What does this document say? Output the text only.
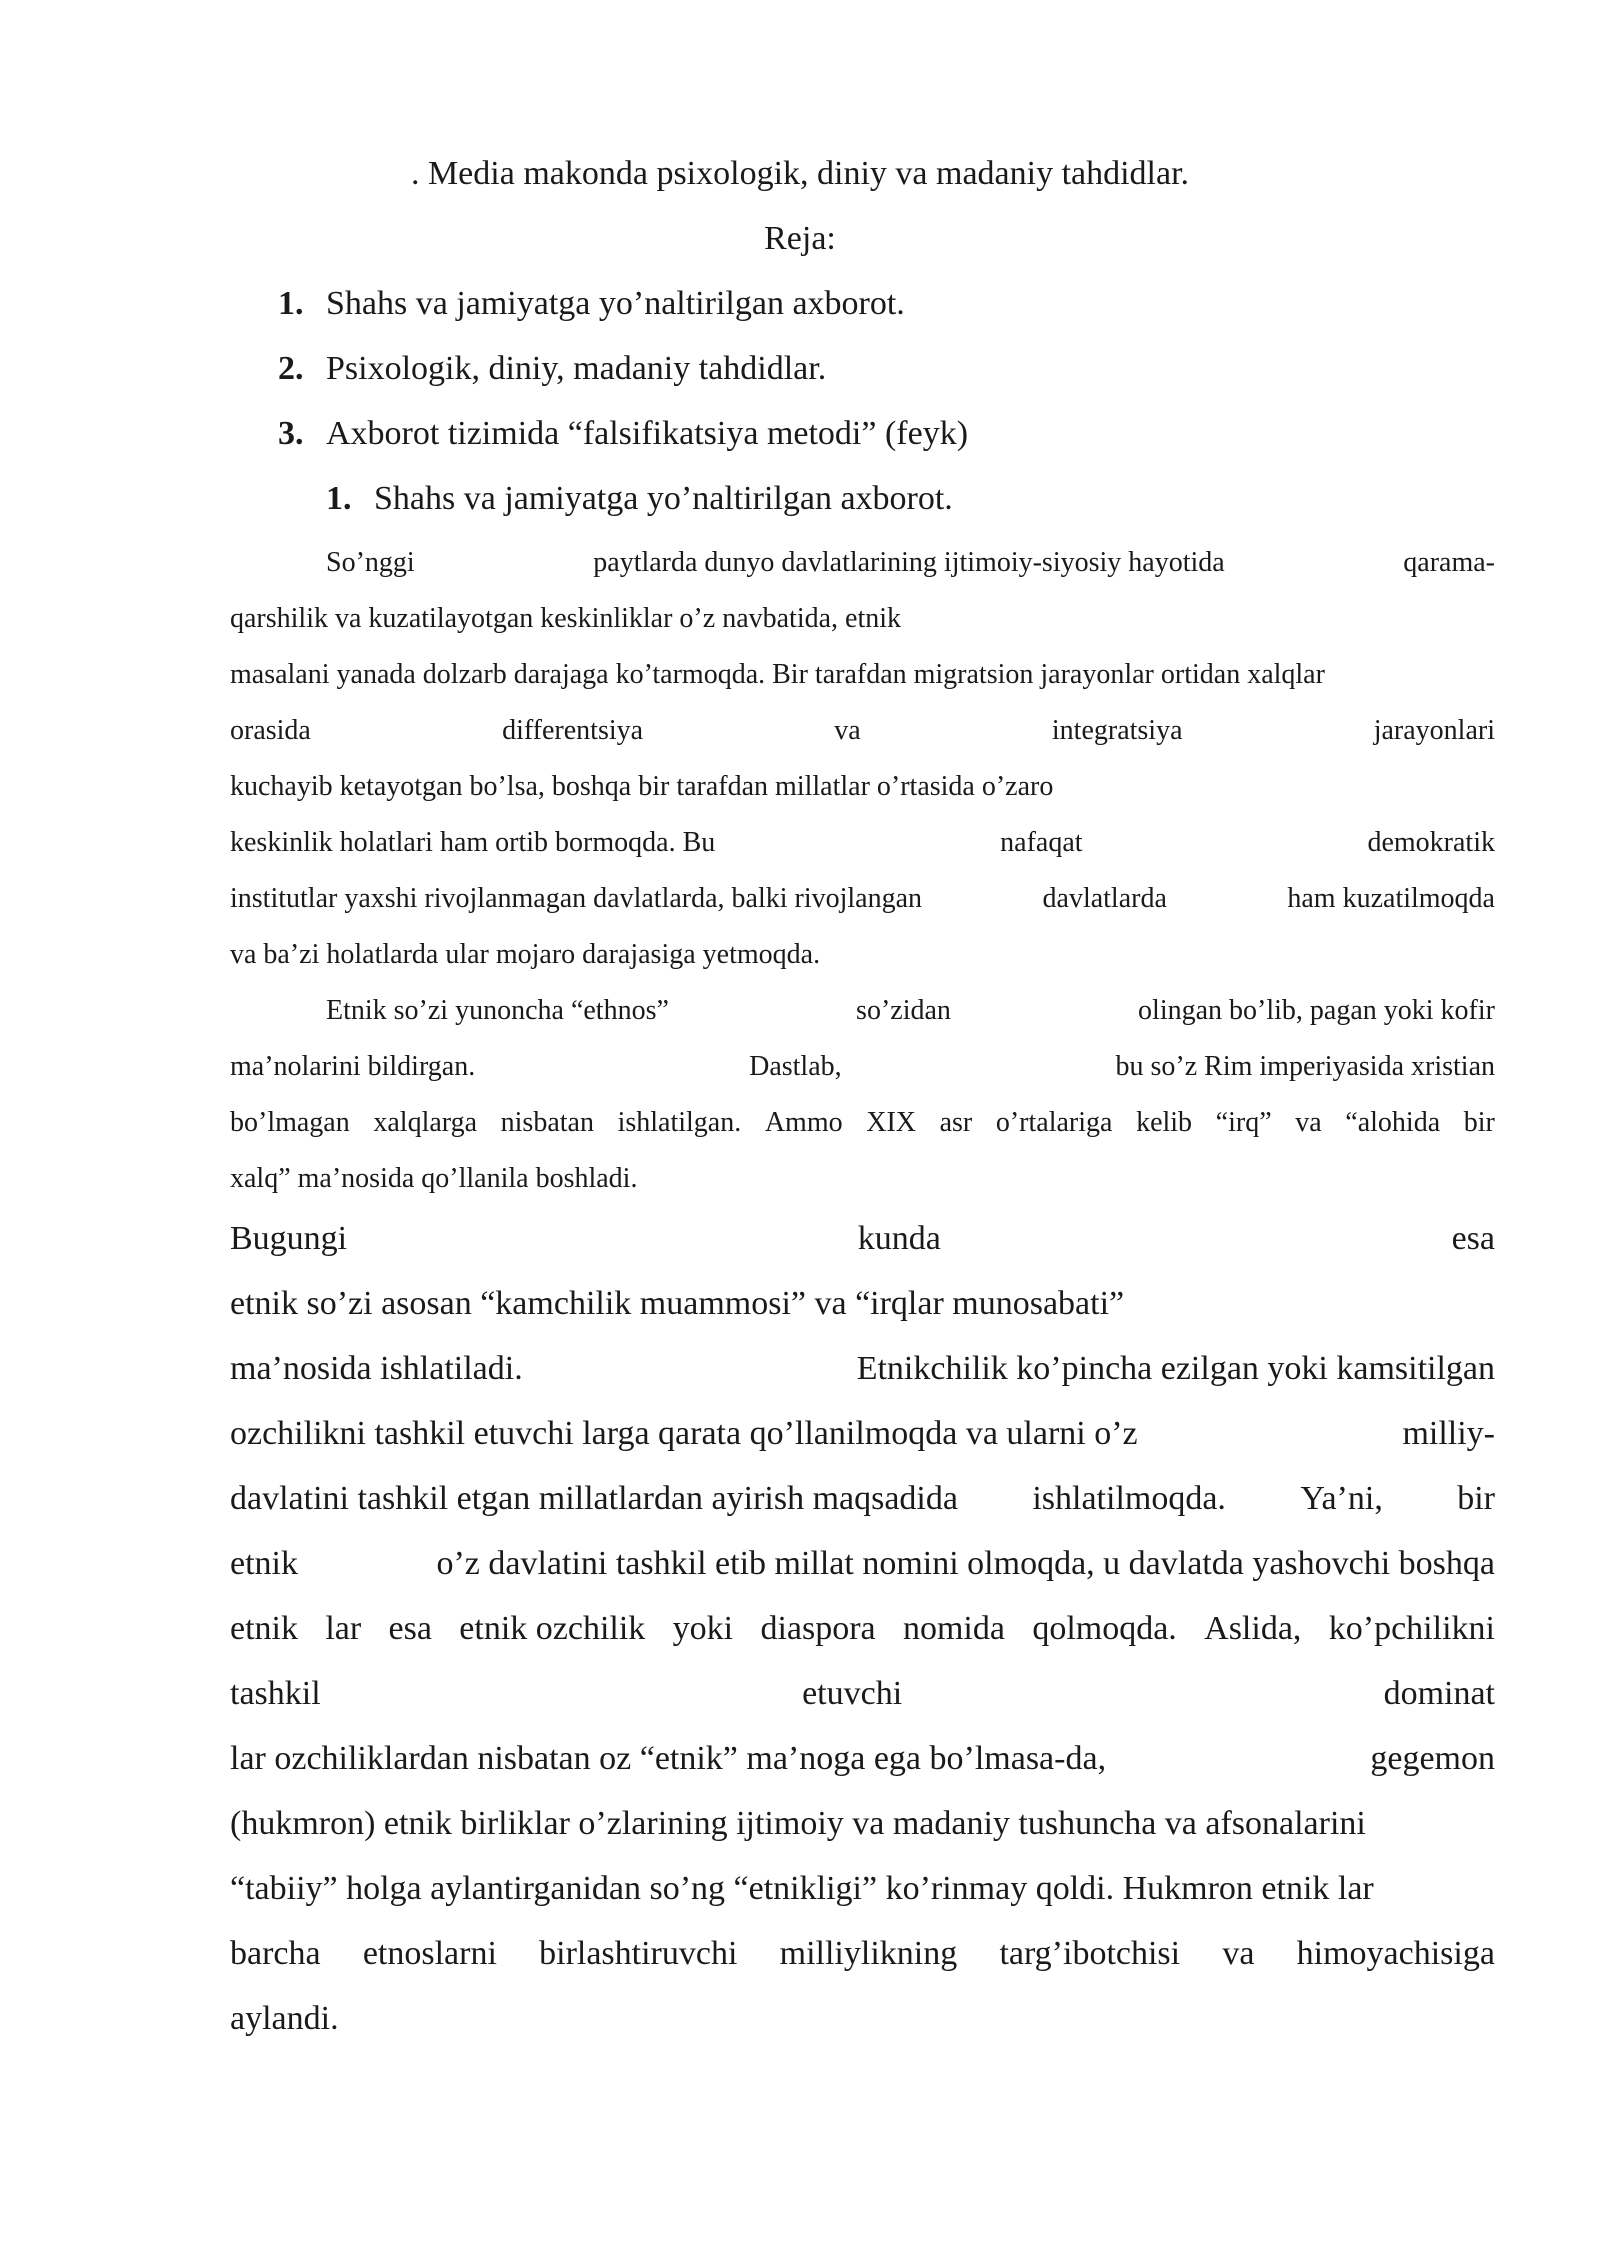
. Media makonda psixologik, diniy va madaniy tahdidlar.
Reja:
1. Shahs va jamiyatga yo’naltirilgan axborot.
2. Psixologik, diniy, madaniy tahdidlar.
3. Axborot tizimida “falsifikatsiya metodi” (feyk)
1. Shahs va jamiyatga yo’naltirilgan axborot.
So’nggi	paytlarda dunyo davlatlarining ijtimoiy-siyosiy hayotida	qarama-
qarshilik va kuzatilayotgan keskinliklar o’z navbatida, etnik
masalani yanada dolzarb darajaga ko’tarmoqda. Bir tarafdan migratsion jarayonlar ortidan xalqlar
orasida	differentsiya	va	integratsiya	jarayonlari
kuchayib ketayotgan bo’lsa, boshqa bir tarafdan millatlar o’rtasida o’zaro
keskinlik holatlari ham ortib bormoqda. Bu	nafaqat	demokratik
institutlar yaxshi rivojlanmagan davlatlarda, balki rivojlangan	davlatlarda	ham kuzatilmoqda
va ba’zi holatlarda ular mojaro darajasiga yetmoqda.
Etnik so’zi yunoncha “ethnos”	so’zidan	olingan bo’lib, pagan yoki kofir
ma’nolarini bildirgan.	Dastlab,	bu so’z Rim imperiyasida xristian
bo’lmagan xalqlarga nisbatan ishlatilgan. Ammo XIX asr o’rtalariga kelib “irq” va “alohida bir
xalq” ma’nosida qo’llanila boshladi.
Bugungi	kunda	esa
etnik so’zi asosan “kamchilik muammosi” va “irqlar munosabati”
ma’nosida ishlatiladi.	Etnikchilik ko’pincha ezilgan yoki kamsitilgan
ozchilikni tashkil etuvchi larga qarata qo’llanilmoqda va ularni o’z	milliy-
davlatini tashkil etgan millatlardan ayirish maqsadida ishlatilmoqda. Ya’ni, bir
etnik	o’z davlatini tashkil etib millat nomini olmoqda, u davlatda yashovchi boshqa
etnik lar esa etnik ozchilik yoki diaspora nomida qolmoqda. Aslida, ko’pchilikni
tashkil	etuvchi	dominat
lar ozchiliklardan nisbatan oz “etnik” ma’noga ega bo’lmasa-da,	gegemon
(hukmron) etnik birliklar o’zlarining ijtimoiy va madaniy tushuncha va afsonalarini
“tabiiy” holga aylantirganidan so’ng “etnikligi” ko’rinmay qoldi. Hukmron etnik lar
barcha etnoslarni birlashtiruvchi milliylikning targ’ibotchisi va himoyachisiga
aylandi.
